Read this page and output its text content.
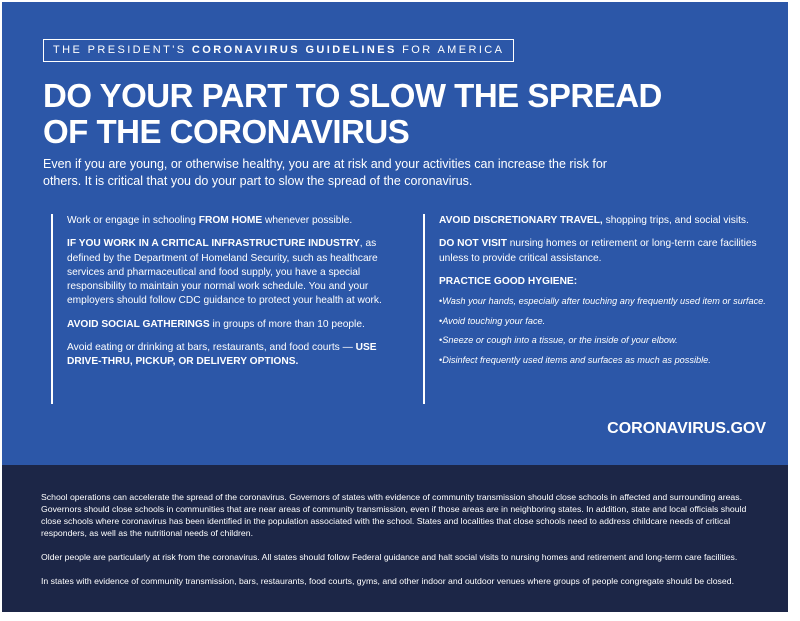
THE PRESIDENT'S CORONAVIRUS GUIDELINES FOR AMERICA
DO YOUR PART TO SLOW THE SPREAD OF THE CORONAVIRUS

Even if you are young, or otherwise healthy, you are at risk and your activities can increase the risk for others. It is critical that you do your part to slow the spread of the coronavirus.

Work or engage in schooling FROM HOME whenever possible.

IF YOU WORK IN A CRITICAL INFRASTRUCTURE INDUSTRY, as defined by the Department of Homeland Security, such as healthcare services and pharmaceutical and food supply, you have a special responsibility to maintain your normal work schedule. You and your employers should follow CDC guidance to protect your health at work.

AVOID SOCIAL GATHERINGS in groups of more than 10 people.

Avoid eating or drinking at bars, restaurants, and food courts — USE DRIVE-THRU, PICKUP, OR DELIVERY OPTIONS.

AVOID DISCRETIONARY TRAVEL, shopping trips, and social visits.

DO NOT VISIT nursing homes or retirement or long-term care facilities unless to provide critical assistance.

PRACTICE GOOD HYGIENE:
• Wash your hands, especially after touching any frequently used item or surface.
• Avoid touching your face.
• Sneeze or cough into a tissue, or the inside of your elbow.
• Disinfect frequently used items and surfaces as much as possible.
CORONAVIRUS.GOV

School operations can accelerate the spread of the coronavirus. Governors of states with evidence of community transmission should close schools in affected and surrounding areas. Governors should close schools in communities that are near areas of community transmission, even if those areas are in neighboring states. In addition, state and local officials should close schools where coronavirus has been identified in the population associated with the school. States and localities that close schools need to address childcare needs of critical responders, as well as the nutritional needs of children.

Older people are particularly at risk from the coronavirus. All states should follow Federal guidance and halt social visits to nursing homes and retirement and long-term care facilities.

In states with evidence of community transmission, bars, restaurants, food courts, gyms, and other indoor and outdoor venues where groups of people congregate should be closed.
